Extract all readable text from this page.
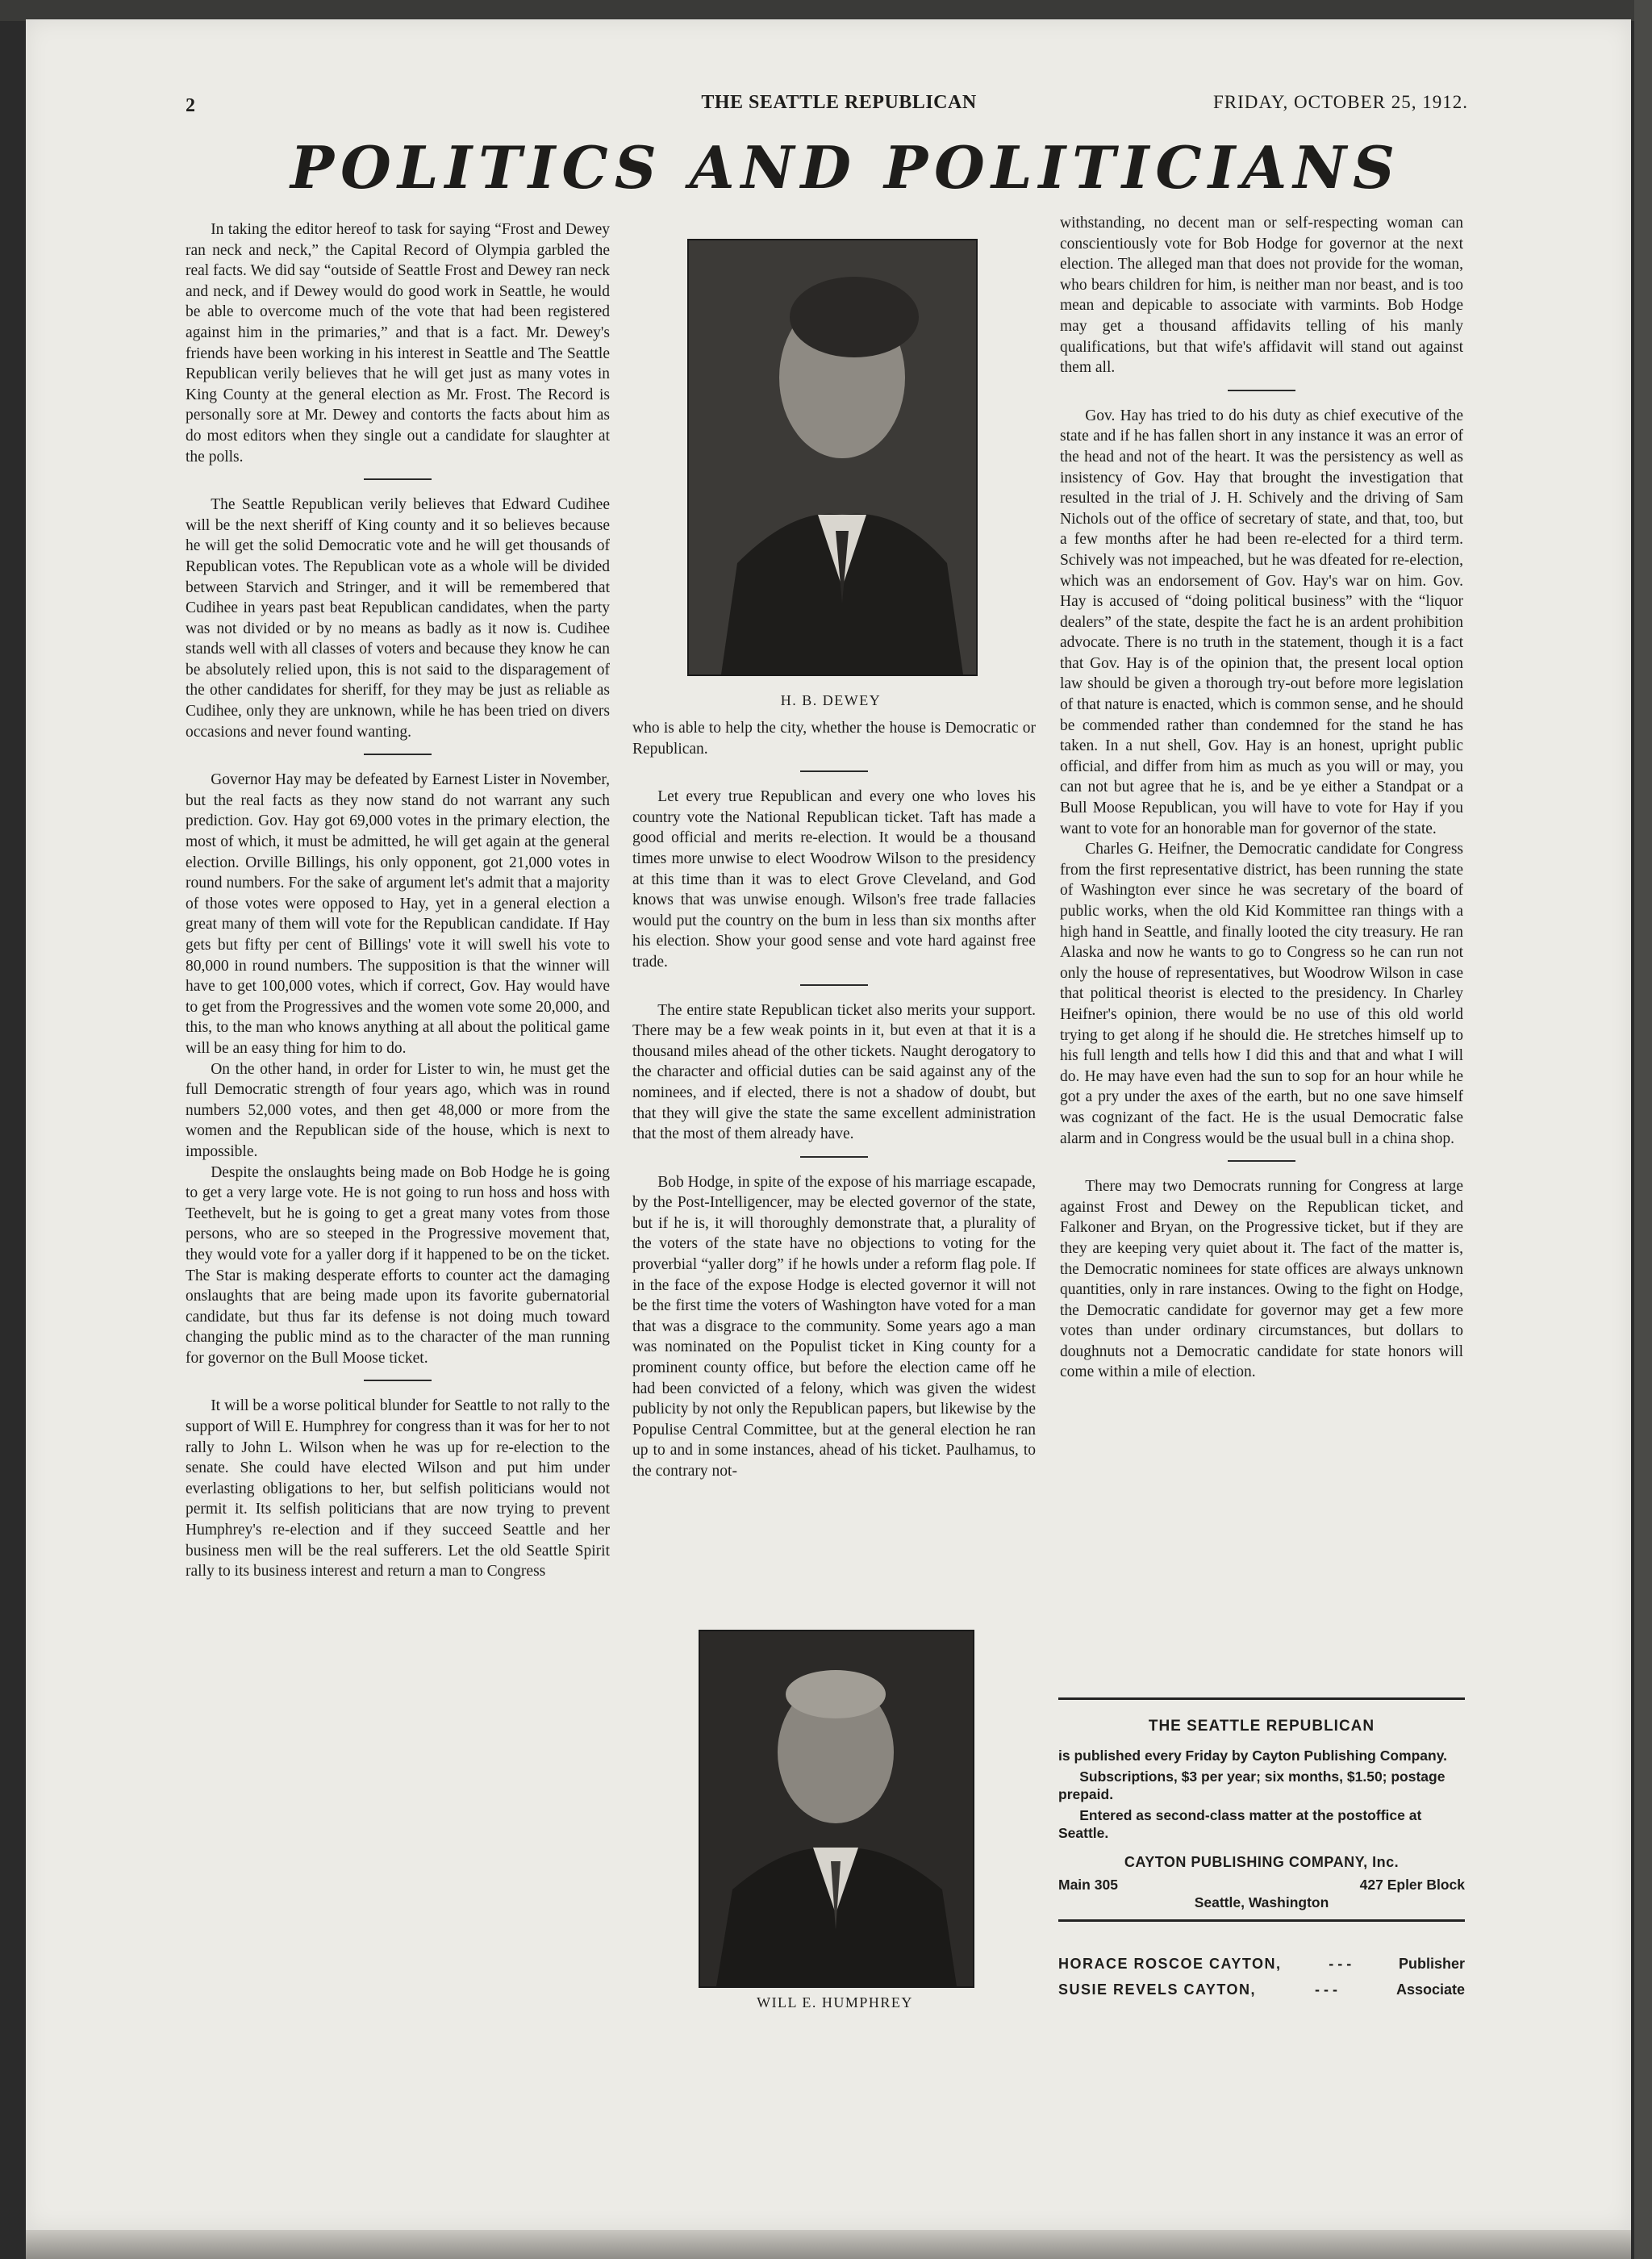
2	THE SEATTLE REPUBLICAN	FRIDAY, OCTOBER 25, 1912.
POLITICS AND POLITICIANS

In taking the editor hereof to task for saying “Frost and Dewey ran neck and neck,” the Capital Record of Olympia garbled the real facts. We did say “outside of Seattle Frost and Dewey ran neck and neck, and if Dewey would do good work in Seattle, he would be able to overcome much of the vote that had been registered against him in the primaries,” and that is a fact. Mr. Dewey's friends have been working in his interest in Seattle and The Seattle Republican verily believes that he will get just as many votes in King County at the general election as Mr. Frost. The Record is personally sore at Mr. Dewey and contorts the facts about him as do most editors when they single out a candidate for slaughter at the polls.

The Seattle Republican verily believes that Edward Cudihee will be the next sheriff of King county and it so believes because he will get the solid Democratic vote and he will get thousands of Republican votes. The Republican vote as a whole will be divided between Starvich and Stringer, and it will be remembered that Cudihee in years past beat Republican candidates, when the party was not divided or by no means as badly as it now is. Cudihee stands well with all classes of voters and because they know he can be absolutely relied upon, this is not said to the disparagement of the other candidates for sheriff, for they may be just as reliable as Cudihee, only they are unknown, while he has been tried on divers occasions and never found wanting.

Governor Hay may be defeated by Earnest Lister in November, but the real facts as they now stand do not warrant any such prediction. Gov. Hay got 69,000 votes in the primary election, the most of which, it must be admitted, he will get again at the general election. Orville Billings, his only opponent, got 21,000 votes in round numbers. For the sake of argument let's admit that a majority of those votes were opposed to Hay, yet in a general election a great many of them will vote for the Republican candidate. If Hay gets but fifty per cent of Billings' vote it will swell his vote to 80,000 in round numbers. The supposition is that the winner will have to get 100,000 votes, which if correct, Gov. Hay would have to get from the Progressives and the women vote some 20,000, and this, to the man who knows anything at all about the political game will be an easy thing for him to do.

On the other hand, in order for Lister to win, he must get the full Democratic strength of four years ago, which was in round numbers 52,000 votes, and then get 48,000 or more from the women and the Republican side of the house, which is next to impossible.

Despite the onslaughts being made on Bob Hodge he is going to get a very large vote. He is not going to run hoss and hoss with Teethevelt, but he is going to get a great many votes from those persons, who are so steeped in the Progressive movement that, they would vote for a yaller dorg if it happened to be on the ticket. The Star is making desperate efforts to counter act the damaging onslaughts that are being made upon its favorite gubernatorial candidate, but thus far its defense is not doing much toward changing the public mind as to the character of the man running for governor on the Bull Moose ticket.

It will be a worse political blunder for Seattle to not rally to the support of Will E. Humphrey for congress than it was for her to not rally to John L. Wilson when he was up for re-election to the senate. She could have elected Wilson and put him under everlasting obligations to her, but selfish politicians would not permit it. Its selfish politicians that are now trying to prevent Humphrey's re-election and if they succeed Seattle and her business men will be the real sufferers. Let the old Seattle Spirit rally to its business interest and return a man to Congress

H. B. DEWEY

who is able to help the city, whether the house is Democratic or Republican.

Let every true Republican and every one who loves his country vote the National Republican ticket. Taft has made a good official and merits re-election. It would be a thousand times more unwise to elect Woodrow Wilson to the presidency at this time than it was to elect Grove Cleveland, and God knows that was unwise enough. Wilson's free trade fallacies would put the country on the bum in less than six months after his election. Show your good sense and vote hard against free trade.

The entire state Republican ticket also merits your support. There may be a few weak points in it, but even at that it is a thousand miles ahead of the other tickets. Naught derogatory to the character and official duties can be said against any of the nominees, and if elected, there is not a shadow of doubt, but that they will give the state the same excellent administration that the most of them already have.

Bob Hodge, in spite of the expose of his marriage escapade, by the Post-Intelligencer, may be elected governor of the state, but if he is, it will thoroughly demonstrate that, a plurality of the voters of the state have no objections to voting for the proverbial “yaller dorg” if he howls under a reform flag pole. If in the face of the expose Hodge is elected governor it will not be the first time the voters of Washington have voted for a man that was a disgrace to the community. Some years ago a man was nominated on the Populist ticket in King county for a prominent county office, but before the election came off he had been convicted of a felony, which was given the widest publicity by not only the Republican papers, but likewise by the Populise Central Committee, but at the general election he ran up to and in some instances, ahead of his ticket. Paulhamus, to the contrary not-

WILL E. HUMPHREY

withstanding, no decent man or self-respecting woman can conscientiously vote for Bob Hodge for governor at the next election. The alleged man that does not provide for the woman, who bears children for him, is neither man nor beast, and is too mean and depicable to associate with varmints. Bob Hodge may get a thousand affidavits telling of his manly qualifications, but that wife's affidavit will stand out against them all.

Gov. Hay has tried to do his duty as chief executive of the state and if he has fallen short in any instance it was an error of the head and not of the heart. It was the persistency as well as insistency of Gov. Hay that brought the investigation that resulted in the trial of J. H. Schively and the driving of Sam Nichols out of the office of secretary of state, and that, too, but a few months after he had been re-elected for a third term. Schively was not impeached, but he was dfeated for re-election, which was an endorsement of Gov. Hay's war on him. Gov. Hay is accused of “doing political business” with the “liquor dealers” of the state, despite the fact he is an ardent prohibition advocate. There is no truth in the statement, though it is a fact that Gov. Hay is of the opinion that, the present local option law should be given a thorough try-out before more legislation of that nature is enacted, which is common sense, and he should be commended rather than condemned for the stand he has taken. In a nut shell, Gov. Hay is an honest, upright public official, and differ from him as much as you will or may, you can not but agree that he is, and be ye either a Standpat or a Bull Moose Republican, you will have to vote for Hay if you want to vote for an honorable man for governor of the state.

Charles G. Heifner, the Democratic candidate for Congress from the first representative district, has been running the state of Washington ever since he was secretary of the board of public works, when the old Kid Kommittee ran things with a high hand in Seattle, and finally looted the city treasury. He ran Alaska and now he wants to go to Congress so he can run not only the house of representatives, but Woodrow Wilson in case that political theorist is elected to the presidency. In Charley Heifner's opinion, there would be no use of this old world trying to get along if he should die. He stretches himself up to his full length and tells how I did this and that and what I will do. He may have even had the sun to sop for an hour while he got a pry under the axes of the earth, but no one save himself was cognizant of the fact. He is the usual Democratic false alarm and in Congress would be the usual bull in a china shop.

There may two Democrats running for Congress at large against Frost and Dewey on the Republican ticket, and Falkoner and Bryan, on the Progressive ticket, but if they are they are keeping very quiet about it. The fact of the matter is, the Democratic nominees for state offices are always unknown quantities, only in rare instances. Owing to the fight on Hodge, the Democratic candidate for governor may get a few more votes than under ordinary circumstances, but dollars to doughnuts not a Democratic candidate for state honors will come within a mile of election.

THE SEATTLE REPUBLICAN

is published every Friday by Cayton Publishing Company.

Subscriptions, $3 per year; six months, $1.50; postage prepaid.

Entered as second-class matter at the postoffice at Seattle.

CAYTON PUBLISHING COMPANY, Inc.
Main 305	427 Epler Block
Seattle, Washington
HORACE ROSCOE CAYTON,	- - -	Publisher
SUSIE REVELS CAYTON,	- - -	Associate
